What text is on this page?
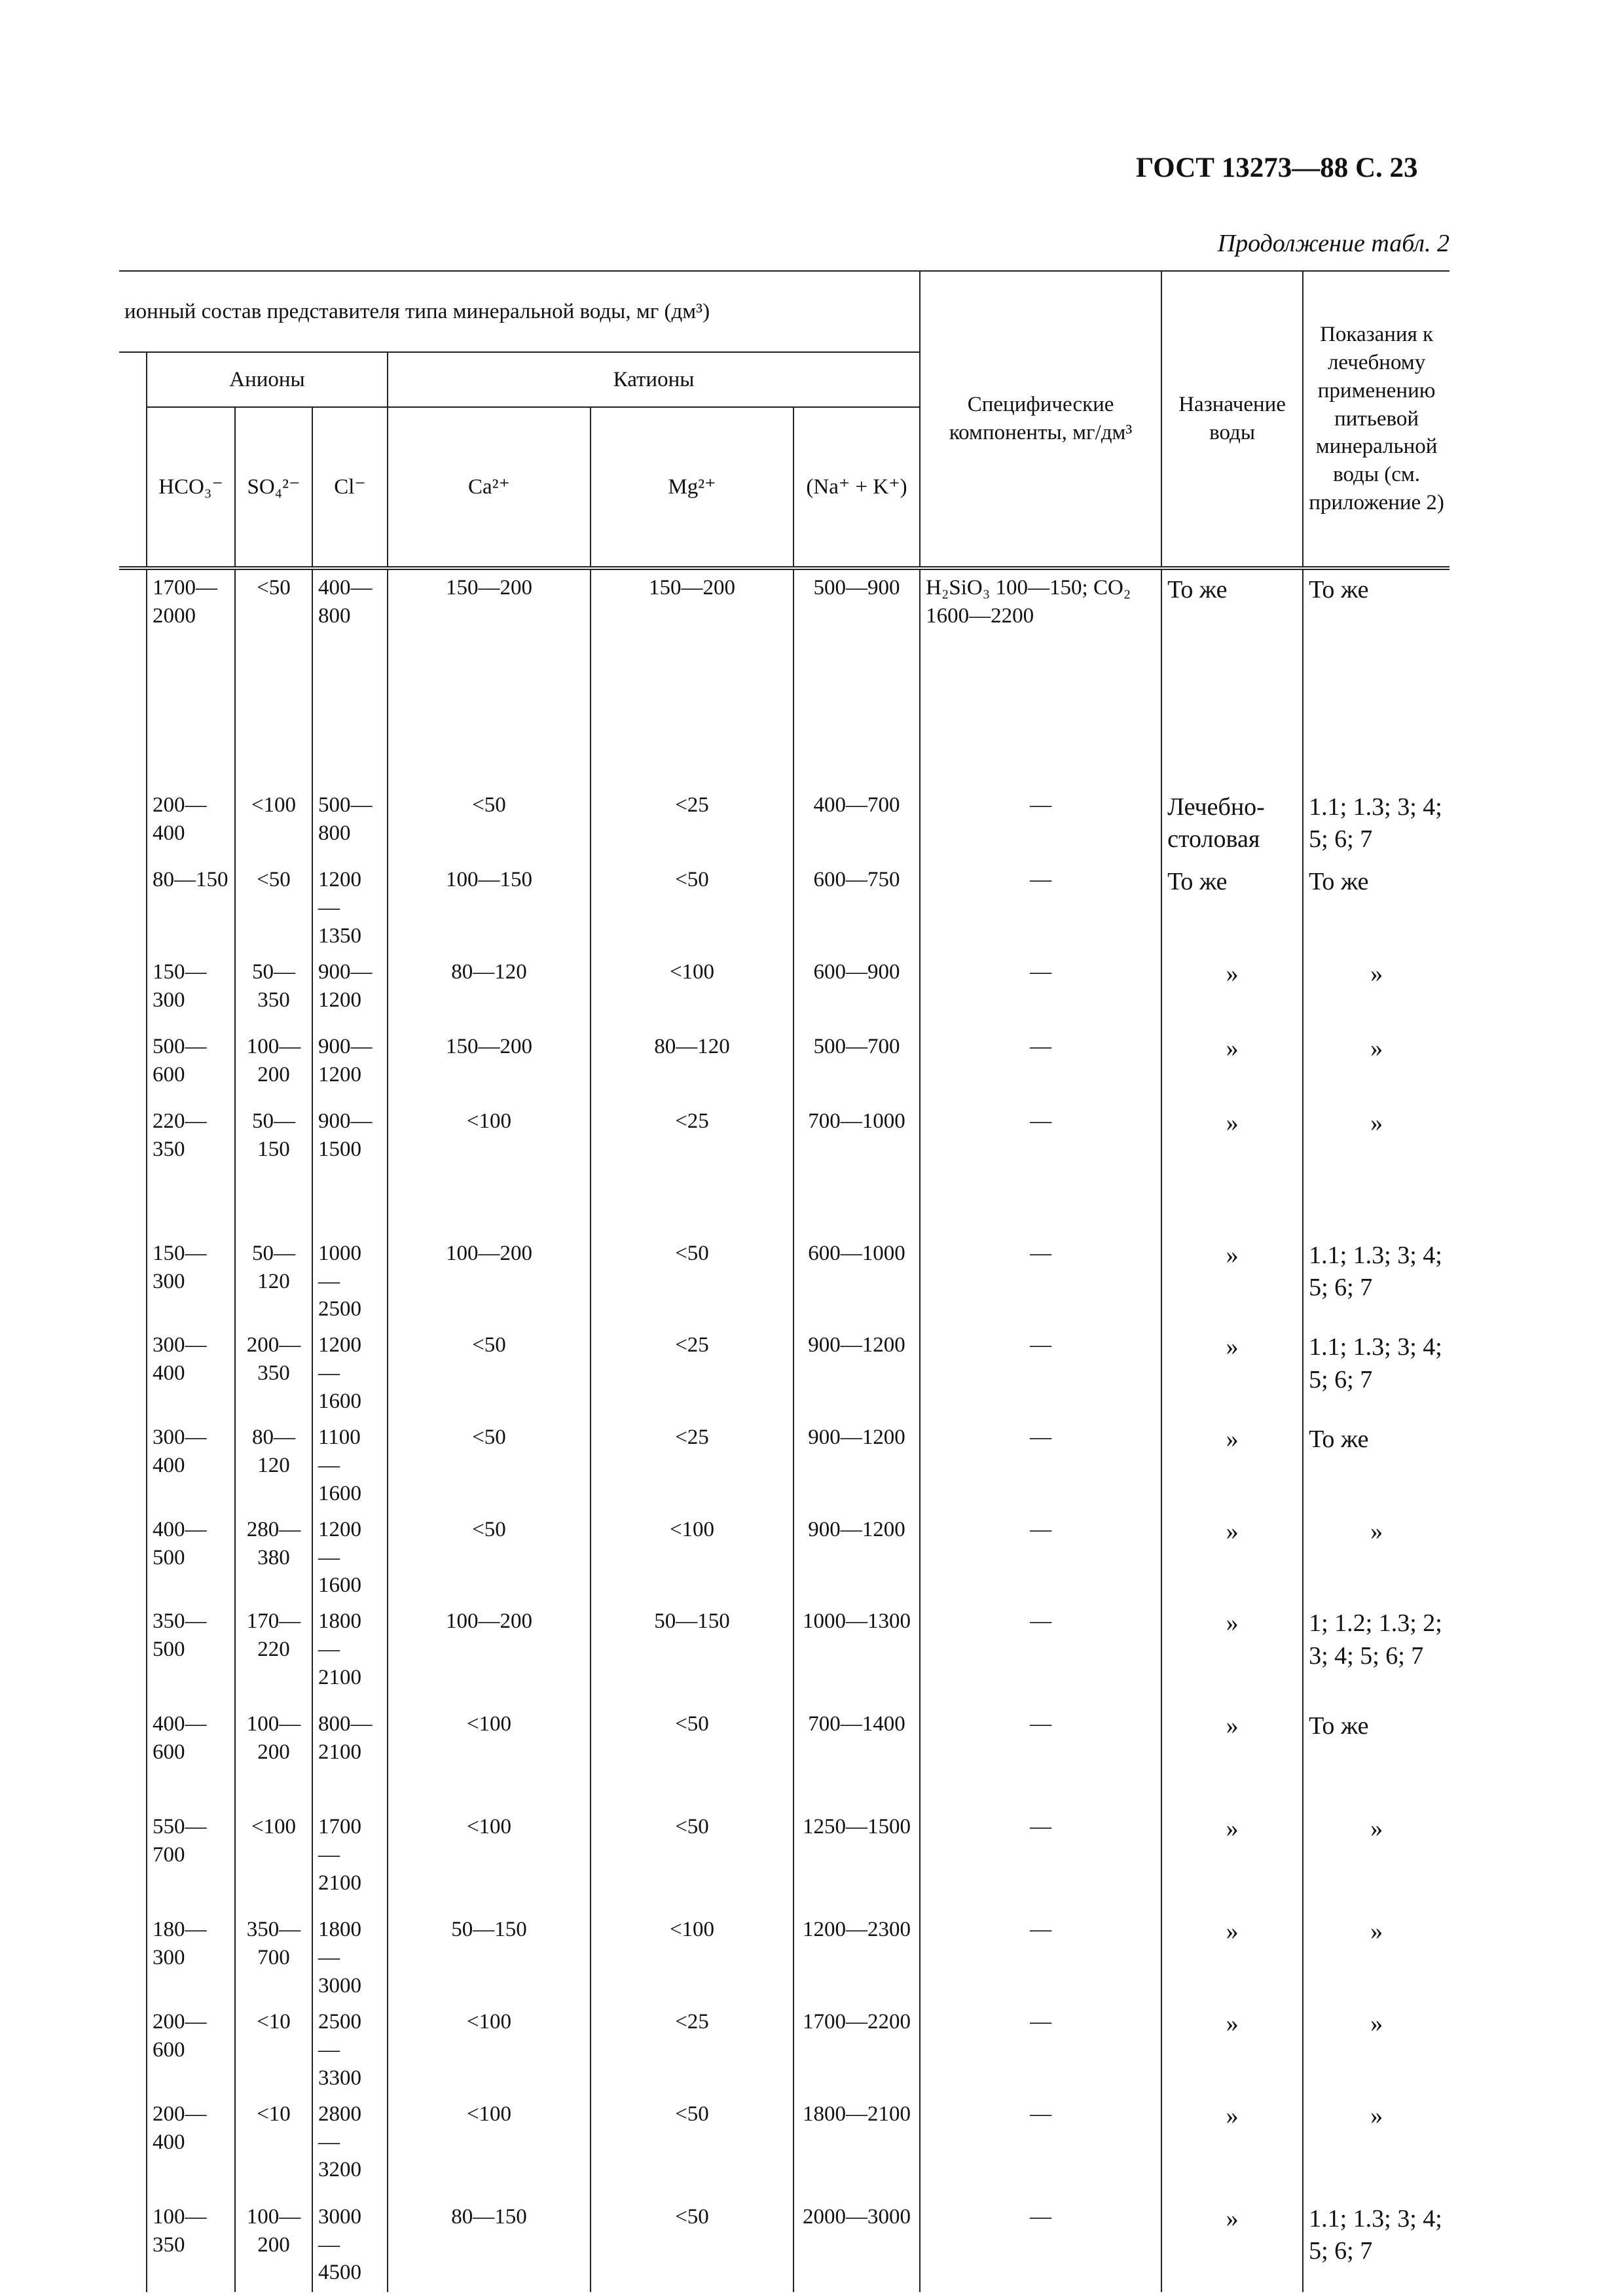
ГОСТ 13273—88 С. 23
Продолжение табл. 2
ионный состав представителя типа минеральной воды, мг (дм³)							Специфические компоненты, мг/дм³	Назначение воды	Показания к лечебному применению питьевой минеральной воды (см. приложение 2)
	Анионы			Катионы					
	HCO₃⁻	SO₄²⁻	Cl⁻	Ca²⁺	Mg²⁺	(Na⁺ + K⁺)			
	1700—2000	<50	400—800	150—200	150—200	500—900	H₂SiO₃ 100—150; CO₂ 1600—2200	То же	То же
	200—400	<100	500—800	<50	<25	400—700	—	Лечебно-столовая	1.1; 1.3; 3; 4; 5; 6; 7
	80—150	<50	1200—1350	100—150	<50	600—750	—	То же	То же
	150—300	50—350	900—1200	80—120	<100	600—900	—	»	»
	500—600	100—200	900—1200	150—200	80—120	500—700	—	»	»
	220—350	50—150	900—1500	<100	<25	700—1000	—	»	»
	150—300	50—120	1000—2500	100—200	<50	600—1000	—	»	1.1; 1.3; 3; 4; 5; 6; 7
	300—400	200—350	1200—1600	<50	<25	900—1200	—	»	1.1; 1.3; 3; 4; 5; 6; 7
	300—400	80—120	1100—1600	<50	<25	900—1200	—	»	То же
	400—500	280—380	1200—1600	<50	<100	900—1200	—	»	»
	350—500	170—220	1800—2100	100—200	50—150	1000—1300	—	»	1; 1.2; 1.3; 2; 3; 4; 5; 6; 7
	400—600	100—200	800—2100	<100	<50	700—1400	—	»	То же
	550—700	<100	1700—2100	<100	<50	1250—1500	—	»	»
	180—300	350—700	1800—3000	50—150	<100	1200—2300	—	»	»
	200—600	<10	2500—3300	<100	<25	1700—2200	—	»	»
	200—400	<10	2800—3200	<100	<50	1800—2100	—	»	»
	100—350	100—200	3000—4500	80—150	<50	2000—3000	—	»	1.1; 1.3; 3; 4; 5; 6; 7
